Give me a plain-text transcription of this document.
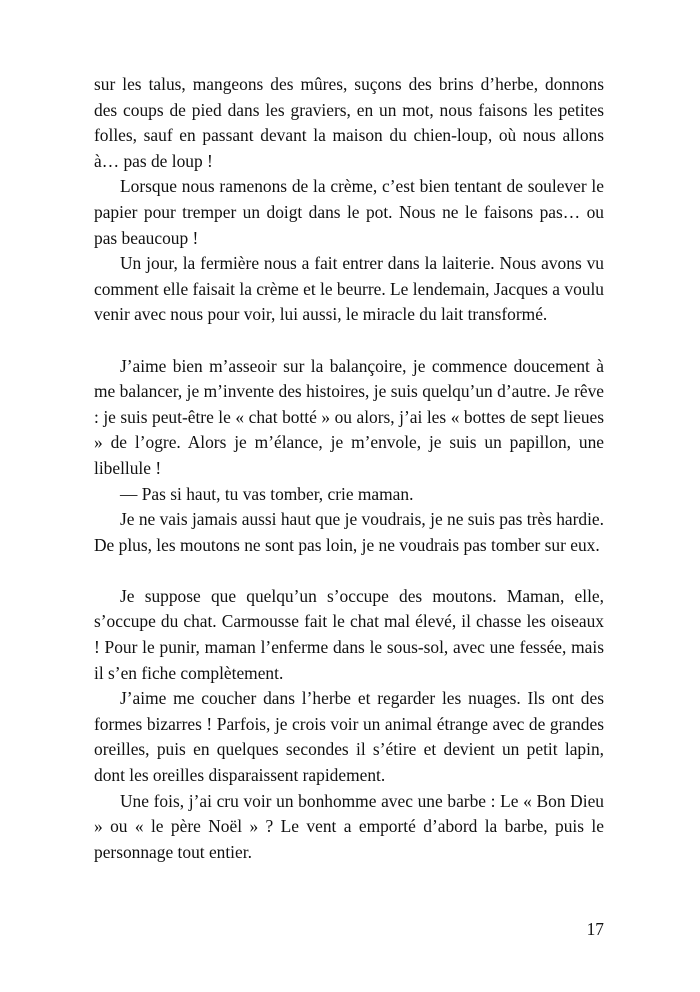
sur les talus, mangeons des mûres, suçons des brins d’herbe, donnons des coups de pied dans les graviers, en un mot, nous faisons les petites folles, sauf en passant devant la maison du chien-loup, où nous allons à… pas de loup !

Lorsque nous ramenons de la crème, c’est bien tentant de soulever le papier pour tremper un doigt dans le pot. Nous ne le faisons pas… ou pas beaucoup !

Un jour, la fermière nous a fait entrer dans la laiterie. Nous avons vu comment elle faisait la crème et le beurre. Le lendemain, Jacques a voulu venir avec nous pour voir, lui aussi, le miracle du lait transformé.

J’aime bien m’asseoir sur la balançoire, je commence doucement à me balancer, je m’invente des histoires, je suis quelqu’un d’autre. Je rêve : je suis peut-être le « chat botté » ou alors, j’ai les « bottes de sept lieues » de l’ogre. Alors je m’élance, je m’envole, je suis un papillon, une libellule !

— Pas si haut, tu vas tomber, crie maman.

Je ne vais jamais aussi haut que je voudrais, je ne suis pas très hardie. De plus, les moutons ne sont pas loin, je ne voudrais pas tomber sur eux.

Je suppose que quelqu’un s’occupe des moutons. Maman, elle, s’occupe du chat. Carmousse fait le chat mal élevé, il chasse les oiseaux ! Pour le punir, maman l’enferme dans le sous-sol, avec une fessée, mais il s’en fiche complètement.

J’aime me coucher dans l’herbe et regarder les nuages. Ils ont des formes bizarres ! Parfois, je crois voir un animal étrange avec de grandes oreilles, puis en quelques secondes il s’étire et devient un petit lapin, dont les oreilles disparaissent rapidement.

Une fois, j’ai cru voir un bonhomme avec une barbe : Le « Bon Dieu » ou « le père Noël » ? Le vent a emporté d’abord la barbe, puis le personnage tout entier.

17
